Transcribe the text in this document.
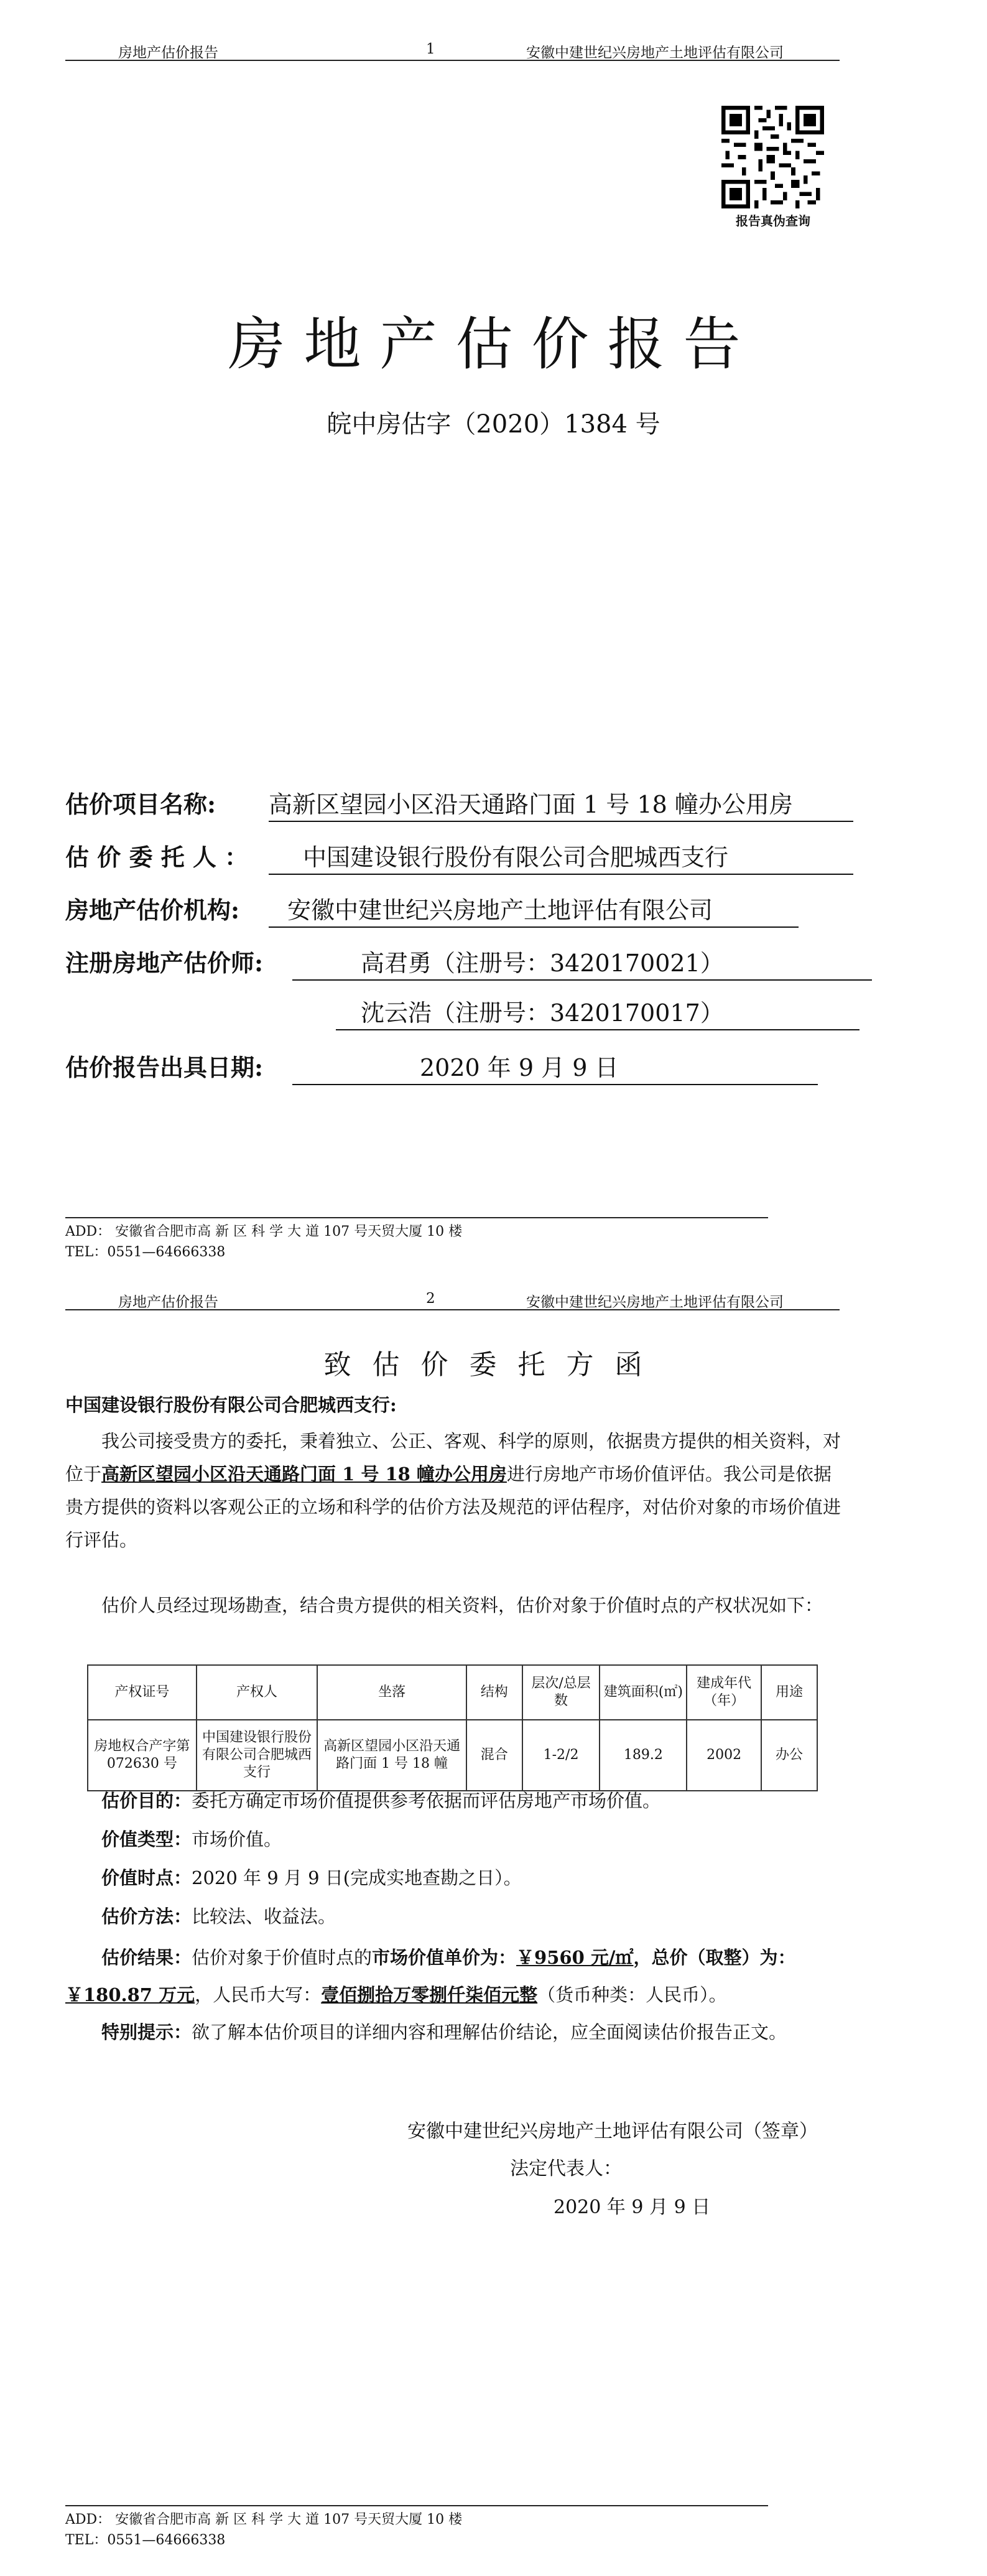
房地产估价报告	1	安徽中建世纪兴房地产土地评估有限公司
报告真伪查询
房地产估价报告
皖中房估字（2020）1384 号
估价项目名称: 高新区望园小区沿天通路门面 1 号 18 幢办公用房
估 价 委 托 人 ：	中国建设银行股份有限公司合肥城西支行
房地产估价机构:	安徽中建世纪兴房地产土地评估有限公司
注册房地产估价师:	高君勇（注册号：3420170021）
沈云浩（注册号：3420170017）
估价报告出具日期:	2020 年 9 月 9 日
ADD： 安徽省合肥市高 新 区 科 学 大 道 107 号天贸大厦 10 楼
TEL：0551—64666338
房地产估价报告	2	安徽中建世纪兴房地产土地评估有限公司
致估价委托方函
中国建设银行股份有限公司合肥城西支行:
我公司接受贵方的委托，秉着独立、公正、客观、科学的原则，依据贵方提供的相关资料，对位于高新区望园小区沿天通路门面 1 号 18 幢办公用房进行房地产市场价值评估。我公司是依据贵方提供的资料以客观公正的立场和科学的估价方法及规范的评估程序，对估价对象的市场价值进行评估。
估价人员经过现场勘查，结合贵方提供的相关资料，估价对象于价值时点的产权状况如下：
产权证号	产权人	坐落	结构	层次/总层数	建筑面积(㎡)	建成年代（年）	用途
房地权合产字第 072630 号	中国建设银行股份有限公司合肥城西支行	高新区望园小区沿天通路门面 1 号 18 幢	混合	1-2/2	189.2	2002	办公
估价目的：委托方确定市场价值提供参考依据而评估房地产市场价值。
价值类型：市场价值。
价值时点：2020 年 9 月 9 日(完成实地查勘之日）。
估价方法：比较法、收益法。
估价结果：估价对象于价值时点的市场价值单价为：￥9560 元/㎡，总价（取整）为：￥180.87 万元，人民币大写：壹佰捌拾万零捌仟柒佰元整（货币种类：人民币）。
特别提示：欲了解本估价项目的详细内容和理解估价结论，应全面阅读估价报告正文。
安徽中建世纪兴房地产土地评估有限公司（签章）
法定代表人：
2020 年 9 月 9 日
ADD： 安徽省合肥市高 新 区 科 学 大 道 107 号天贸大厦 10 楼
TEL：0551—64666338
